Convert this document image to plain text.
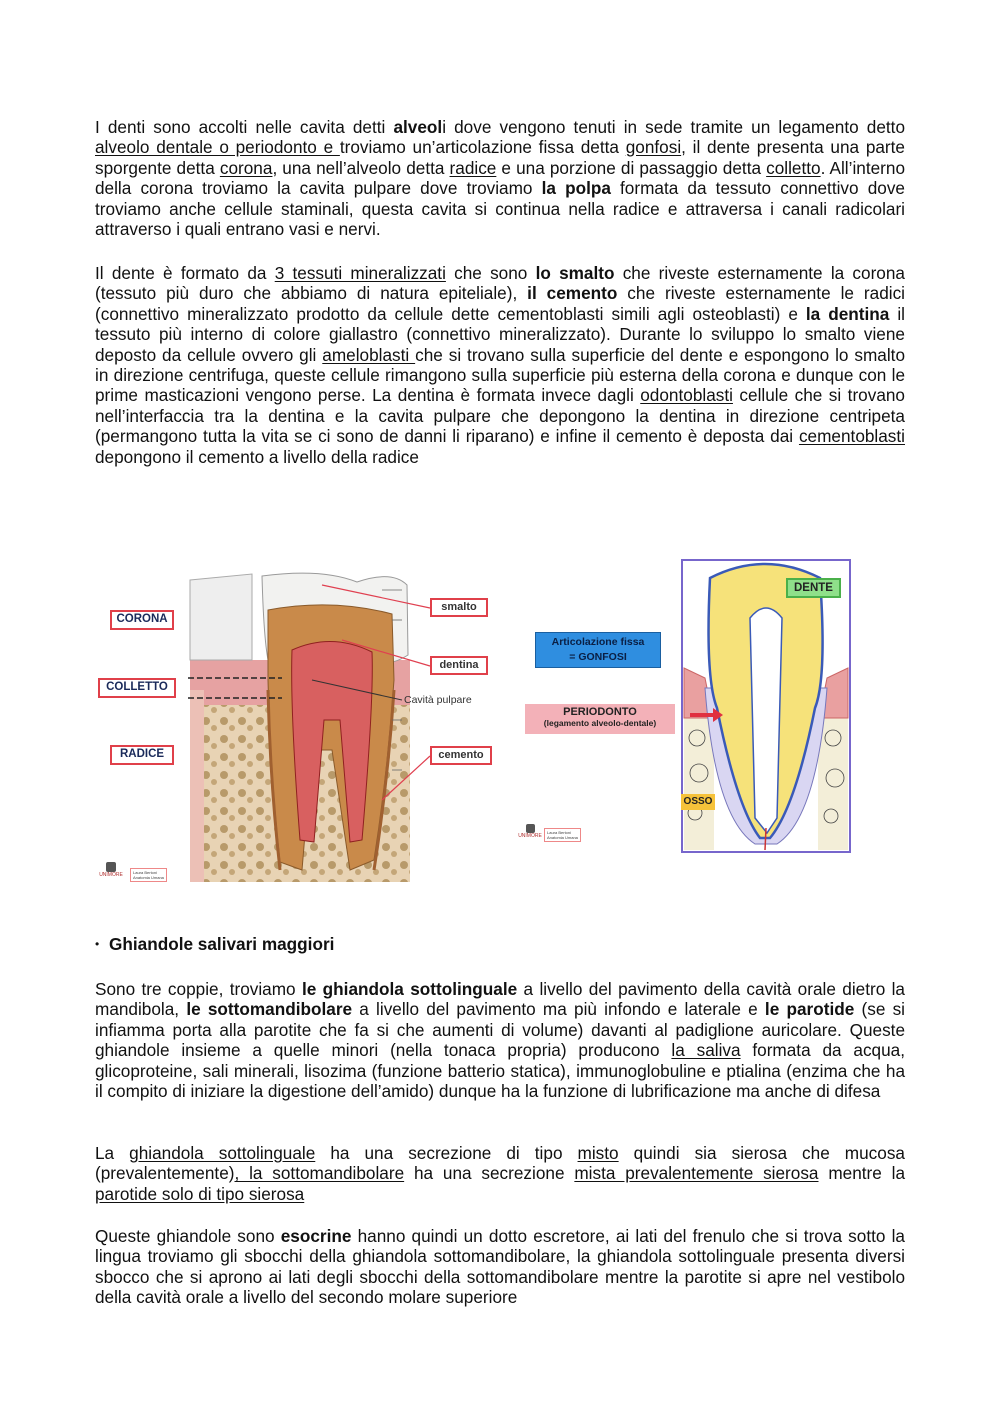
I denti sono accolti nelle cavita detti alveoli dove vengono tenuti in sede tramite un legamento detto alveolo dentale o periodonto e troviamo un’articolazione fissa detta gonfosi, il dente presenta una parte sporgente detta corona, una nell’alveolo detta radice e una porzione di passaggio detta colletto. All’interno della corona troviamo la cavita pulpare dove troviamo la polpa formata da tessuto connettivo dove troviamo anche cellule staminali, questa cavita si continua nella radice e attraversa i canali radicolari attraverso i quali entrano vasi e nervi.

Il dente è formato da 3 tessuti mineralizzati che sono lo smalto che riveste esternamente la corona (tessuto più duro che abbiamo di natura epiteliale), il cemento che riveste esternamente le radici (connettivo mineralizzato prodotto da cellule dette cementoblasti simili agli osteoblasti) e la dentina il tessuto più interno di colore giallastro (connettivo mineralizzato). Durante lo sviluppo lo smalto viene deposto da cellule ovvero gli ameloblasti che si trovano sulla superficie del dente e espongono lo smalto in direzione centrifuga, queste cellule rimangono sulla superficie più esterna della corona e dunque con le prime masticazioni vengono perse. La dentina è formata invece dagli odontoblasti cellule che si trovano nell’interfaccia tra la dentina e la cavita pulpare che depongono la dentina in direzione centripeta (permangono tutta la vita se ci sono de danni li riparano) e infine il cemento è deposta dai cementoblasti depongono il cemento a livello della radice

CORONA
COLLETTO
RADICE
smalto
dentina
cemento
Cavità pulpare
UNIMORE	Laura Bertoni
Anatomia Umana
DENTE
Articolazione fissa
= GONFOSI
PERIODONTO
(legamento alveolo-dentale)
OSSO
UNIMORE
Laura Bertoni
Anatomia Umana
• Ghiandole salivari maggiori

Sono tre coppie, troviamo le ghiandola sottolinguale a livello del pavimento della cavità orale dietro la mandibola, le sottomandibolare a livello del pavimento ma più infondo e laterale e le parotide (se si infiamma porta alla parotite che fa si che aumenti di volume) davanti al padiglione auricolare. Queste ghiandole insieme a quelle minori (nella tonaca propria) producono la saliva formata da acqua, glicoproteine, sali minerali, lisozima (funzione batterio statica), immunoglobuline e ptialina (enzima che ha il compito di iniziare la digestione dell’amido) dunque ha la funzione di lubrificazione ma anche di difesa

La ghiandola sottolinguale ha una secrezione di tipo misto quindi sia sierosa che mucosa (prevalentemente), la sottomandibolare ha una secrezione mista prevalentemente sierosa mentre la parotide solo di tipo sierosa

Queste ghiandole sono esocrine hanno quindi un dotto escretore, ai lati del frenulo che si trova sotto la lingua troviamo gli sbocchi della ghiandola sottomandibolare, la ghiandola sottolinguale presenta diversi sbocco che si aprono ai lati degli sbocchi della sottomandibolare mentre la parotite si apre nel vestibolo della cavità orale a livello del secondo molare superiore
